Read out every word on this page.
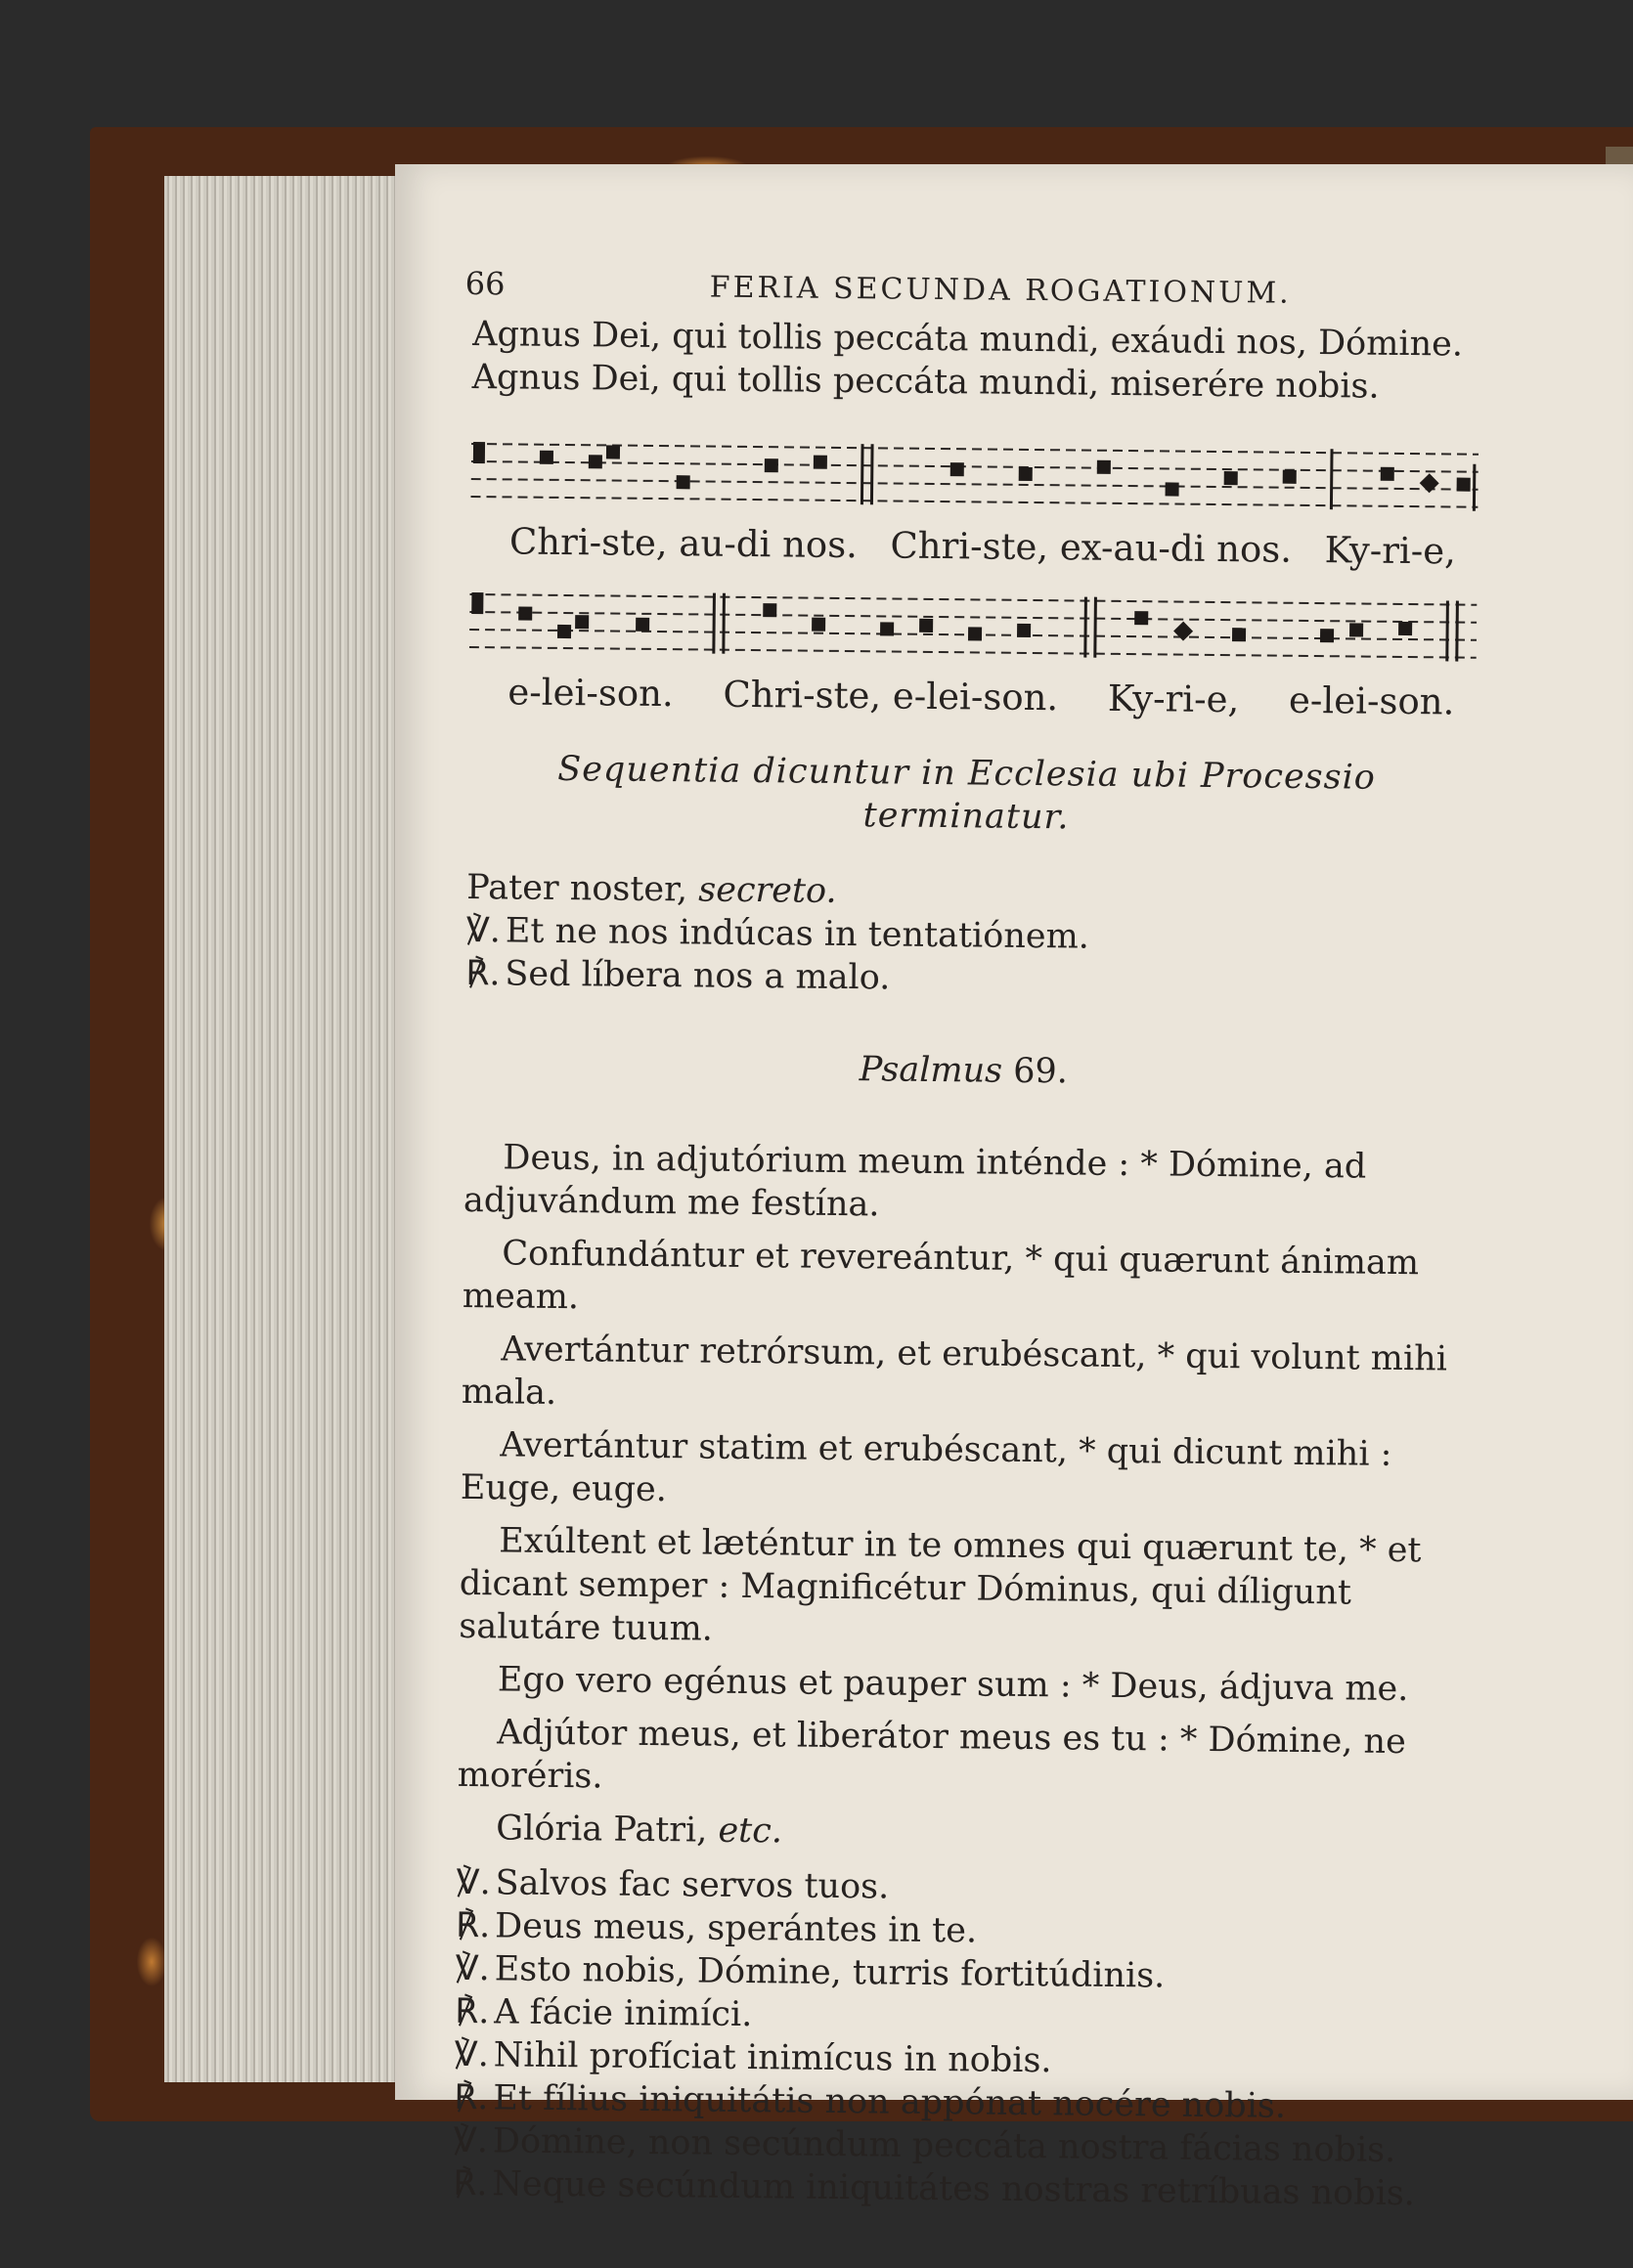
66	FERIA SECUNDA ROGATIONUM.

Agnus Dei, qui tollis peccáta mundi, exáudi nos, Dómine.

Agnus Dei, qui tollis peccáta mundi, miserére nobis.

Chri-ste, au-di nos. Chri-ste, ex-au-di nos. Ky-ri-e,
e-lei-son. Chri-ste, e-lei-son. Ky-ri-e, e-lei-son.

Sequentia dicuntur in Ecclesia ubi Processio terminatur.

Pater noster, secreto.

℣. Et ne nos indúcas in tentatiónem.
℟. Sed líbera nos a malo.

Psalmus 69.

Deus, in adjutórium meum inténde : * Dómine, ad adjuvándum me festína.

Confundántur et revereántur, * qui quærunt ánimam meam.

Avertántur retrórsum, et erubéscant, * qui volunt mihi mala.

Avertántur statim et erubéscant, * qui dicunt mihi : Euge, euge.

Exúltent et læténtur in te omnes qui quærunt te, * et dicant semper : Magnificétur Dóminus, qui díligunt salutáre tuum.

Ego vero egénus et pauper sum : * Deus, ádjuva me.

Adjútor meus, et liberátor meus es tu : * Dómine, ne moréris.

Glória Patri, etc.

℣. Salvos fac servos tuos.
℟. Deus meus, sperántes in te.
℣. Esto nobis, Dómine, turris fortitúdinis.
℟. A fácie inimíci.
℣. Nihil profíciat inimícus in nobis.
℟. Et fílius iniquitátis non appónat nocére nobis.
℣. Dómine, non secúndum peccáta nostra fácias nobis.
℟. Neque secúndum iniquitátes nostras retríbuas nobis.
